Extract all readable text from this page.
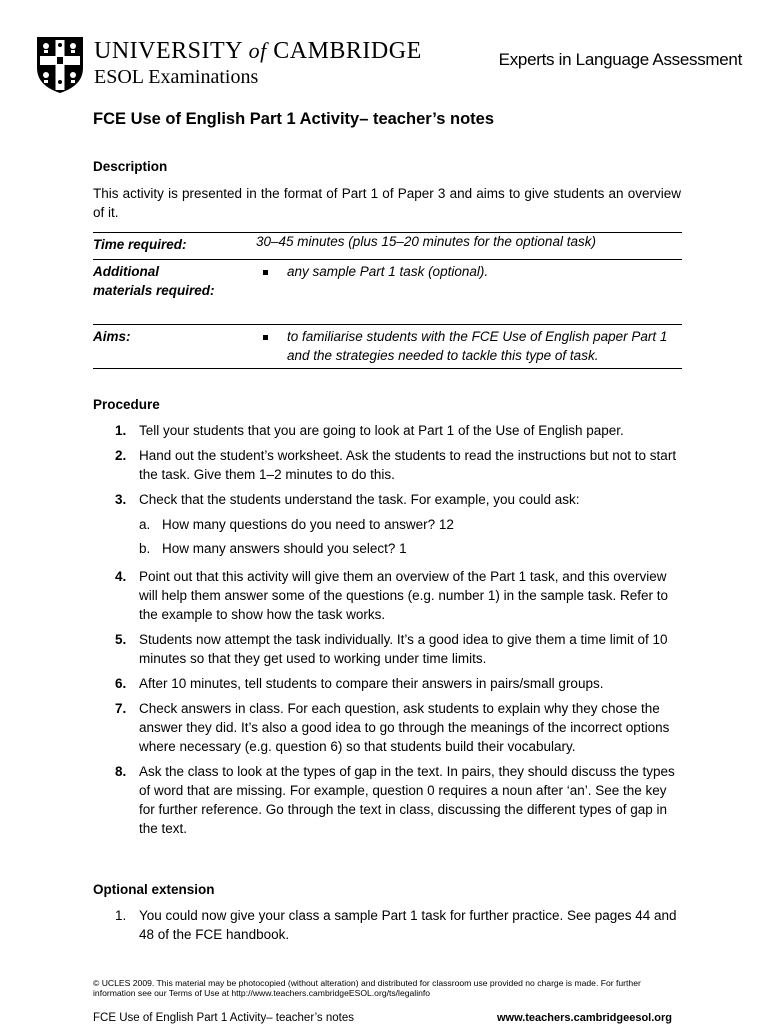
UNIVERSITY of CAMBRIDGE
ESOL Examinations
Experts in Language Assessment
FCE Use of English Part 1 Activity– teacher’s notes
Description
This activity is presented in the format of Part 1 of Paper 3 and aims to give students an overview of it.
Time required:	30–45 minutes (plus 15–20 minutes for the optional task)
Additional materials required:	any sample Part 1 task (optional).

Aims:	to familiarise students with the FCE Use of English paper Part 1 and the strategies needed to tackle this type of task.
Procedure
1. Tell your students that you are going to look at Part 1 of the Use of English paper.
2. Hand out the student’s worksheet. Ask the students to read the instructions but not to start the task. Give them 1–2 minutes to do this.
3. Check that the students understand the task. For example, you could ask:
a. How many questions do you need to answer? 12
b. How many answers should you select? 1
4. Point out that this activity will give them an overview of the Part 1 task, and this overview will help them answer some of the questions (e.g. number 1) in the sample task. Refer to the example to show how the task works.
5. Students now attempt the task individually. It’s a good idea to give them a time limit of 10 minutes so that they get used to working under time limits.
6. After 10 minutes, tell students to compare their answers in pairs/small groups.
7. Check answers in class. For each question, ask students to explain why they chose the answer they did. It’s also a good idea to go through the meanings of the incorrect options where necessary (e.g. question 6) so that students build their vocabulary.
8. Ask the class to look at the types of gap in the text. In pairs, they should discuss the types of word that are missing. For example, question 0 requires a noun after ‘an’. See the key for further reference. Go through the text in class, discussing the different types of gap in the text.
Optional extension
1. You could now give your class a sample Part 1 task for further practice. See pages 44 and 48 of the FCE handbook.
© UCLES 2009. This material may be photocopied (without alteration) and distributed for classroom use provided no charge is made. For further information see our Terms of Use at http://www.teachers.cambridgeESOL.org/ts/legalinfo
FCE Use of English Part 1 Activity– teacher’s notes	www.teachers.cambridgeesol.org
